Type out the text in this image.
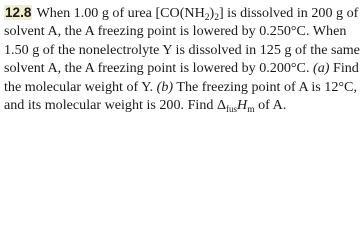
12.8 When 1.00 g of urea $[CO(NH_2)_2]$ is dissolved in 200 g of
solvent A, the A freezing point is lowered by 0.250°C. When
1.50 g of the nonelectrolyte Y is dissolved in 125 g of the same
solvent A, the A freezing point is lowered by 0.200°C. (a) Find
the molecular weight of Y. (b) The freezing point of A is 12°C,
and its molecular weight is 200. Find $\Delta_{fus}H_m$ of A.
